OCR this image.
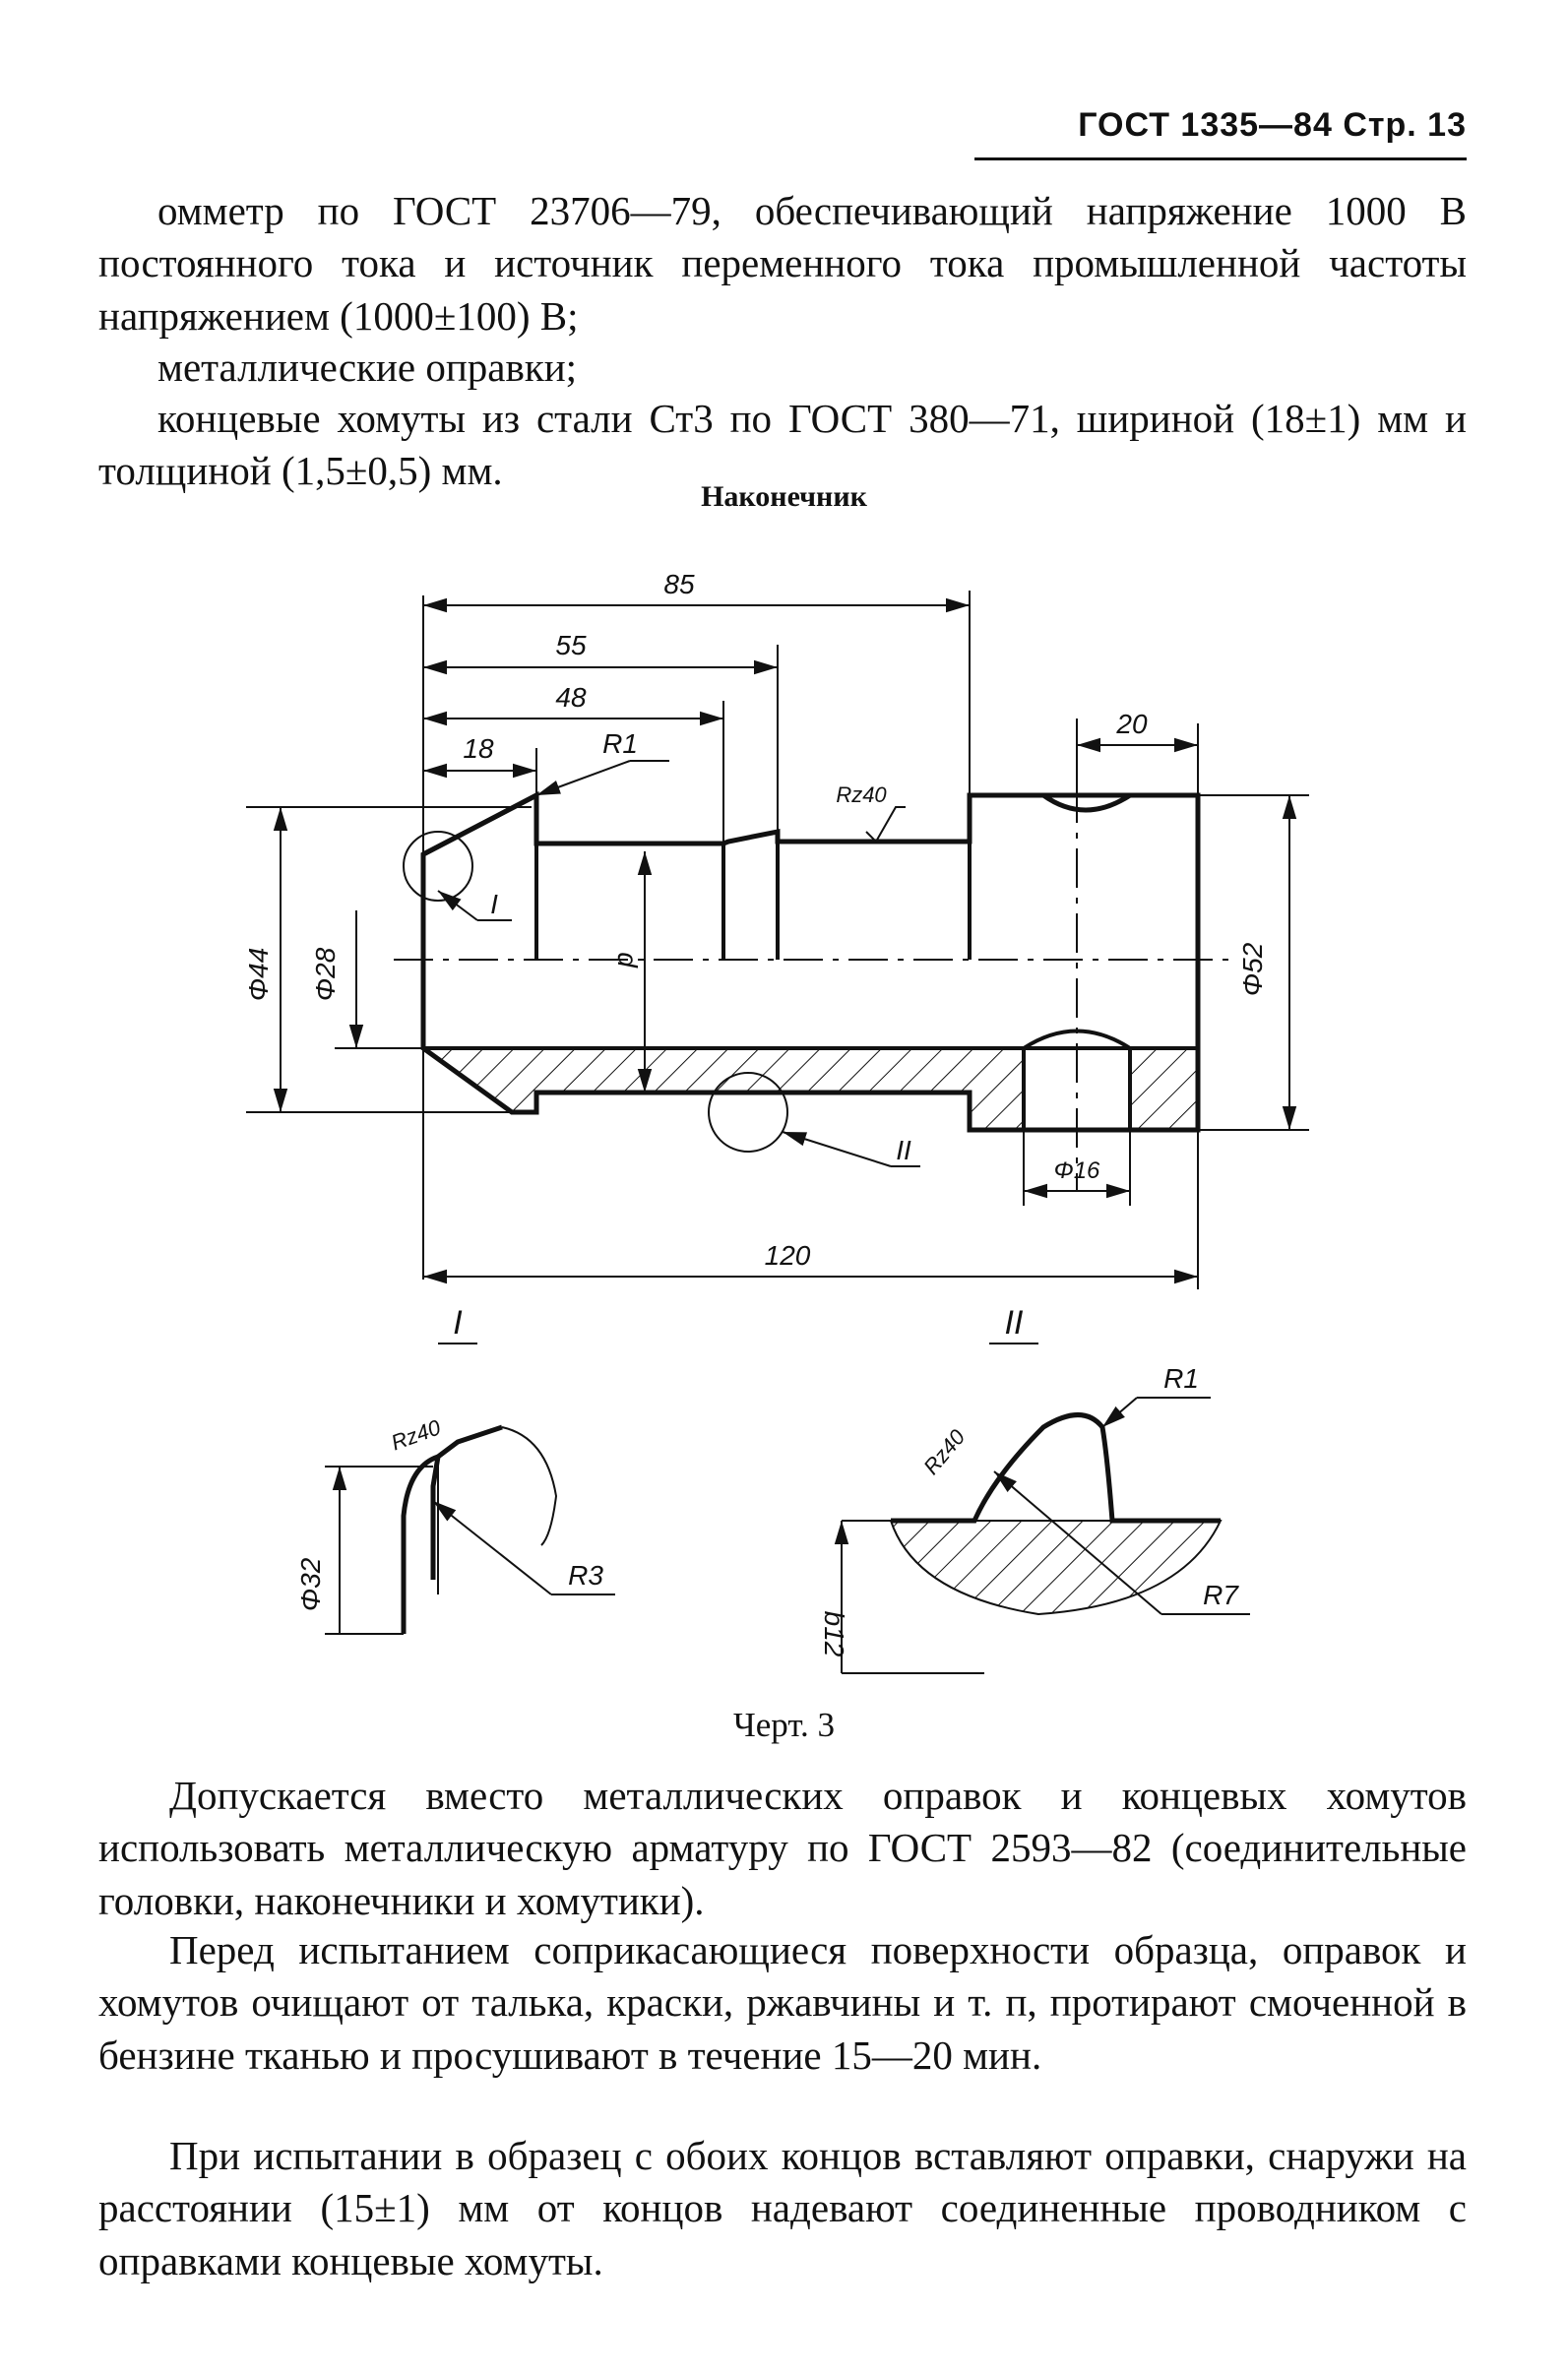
ГОСТ 1335—84 Стр. 13

омметр по ГОСТ 23706—79, обеспечивающий напряжение 1000 В постоянного тока и источник переменного тока промышленной частоты напряжением (1000±100) В;

металлические оправки;

концевые хомуты из стали Ст3 по ГОСТ 380—71, шириной (18±1) мм и толщиной (1,5±0,5) мм.

Наконечник
85
55
48
18
20
120
R1
Rz40
Φ44 Φ28	d	Φ52
Φ16
I
II
I	II
Rz40
R3
Φ32
R1
Rz40
R7
b12
Черт. 3

Допускается вместо металлических оправок и концевых хомутов использовать металлическую арматуру по ГОСТ 2593—82 (соединительные головки, наконечники и хомутики).

Перед испытанием соприкасающиеся поверхности образца, оправок и хомутов очищают от талька, краски, ржавчины и т. п, протирают смоченной в бензине тканью и просушивают в течение 15—20 мин.

При испытании в образец с обоих концов вставляют оправки, снаружи на расстоянии (15±1) мм от концов надевают соединенные проводником с оправками концевые хомуты.
